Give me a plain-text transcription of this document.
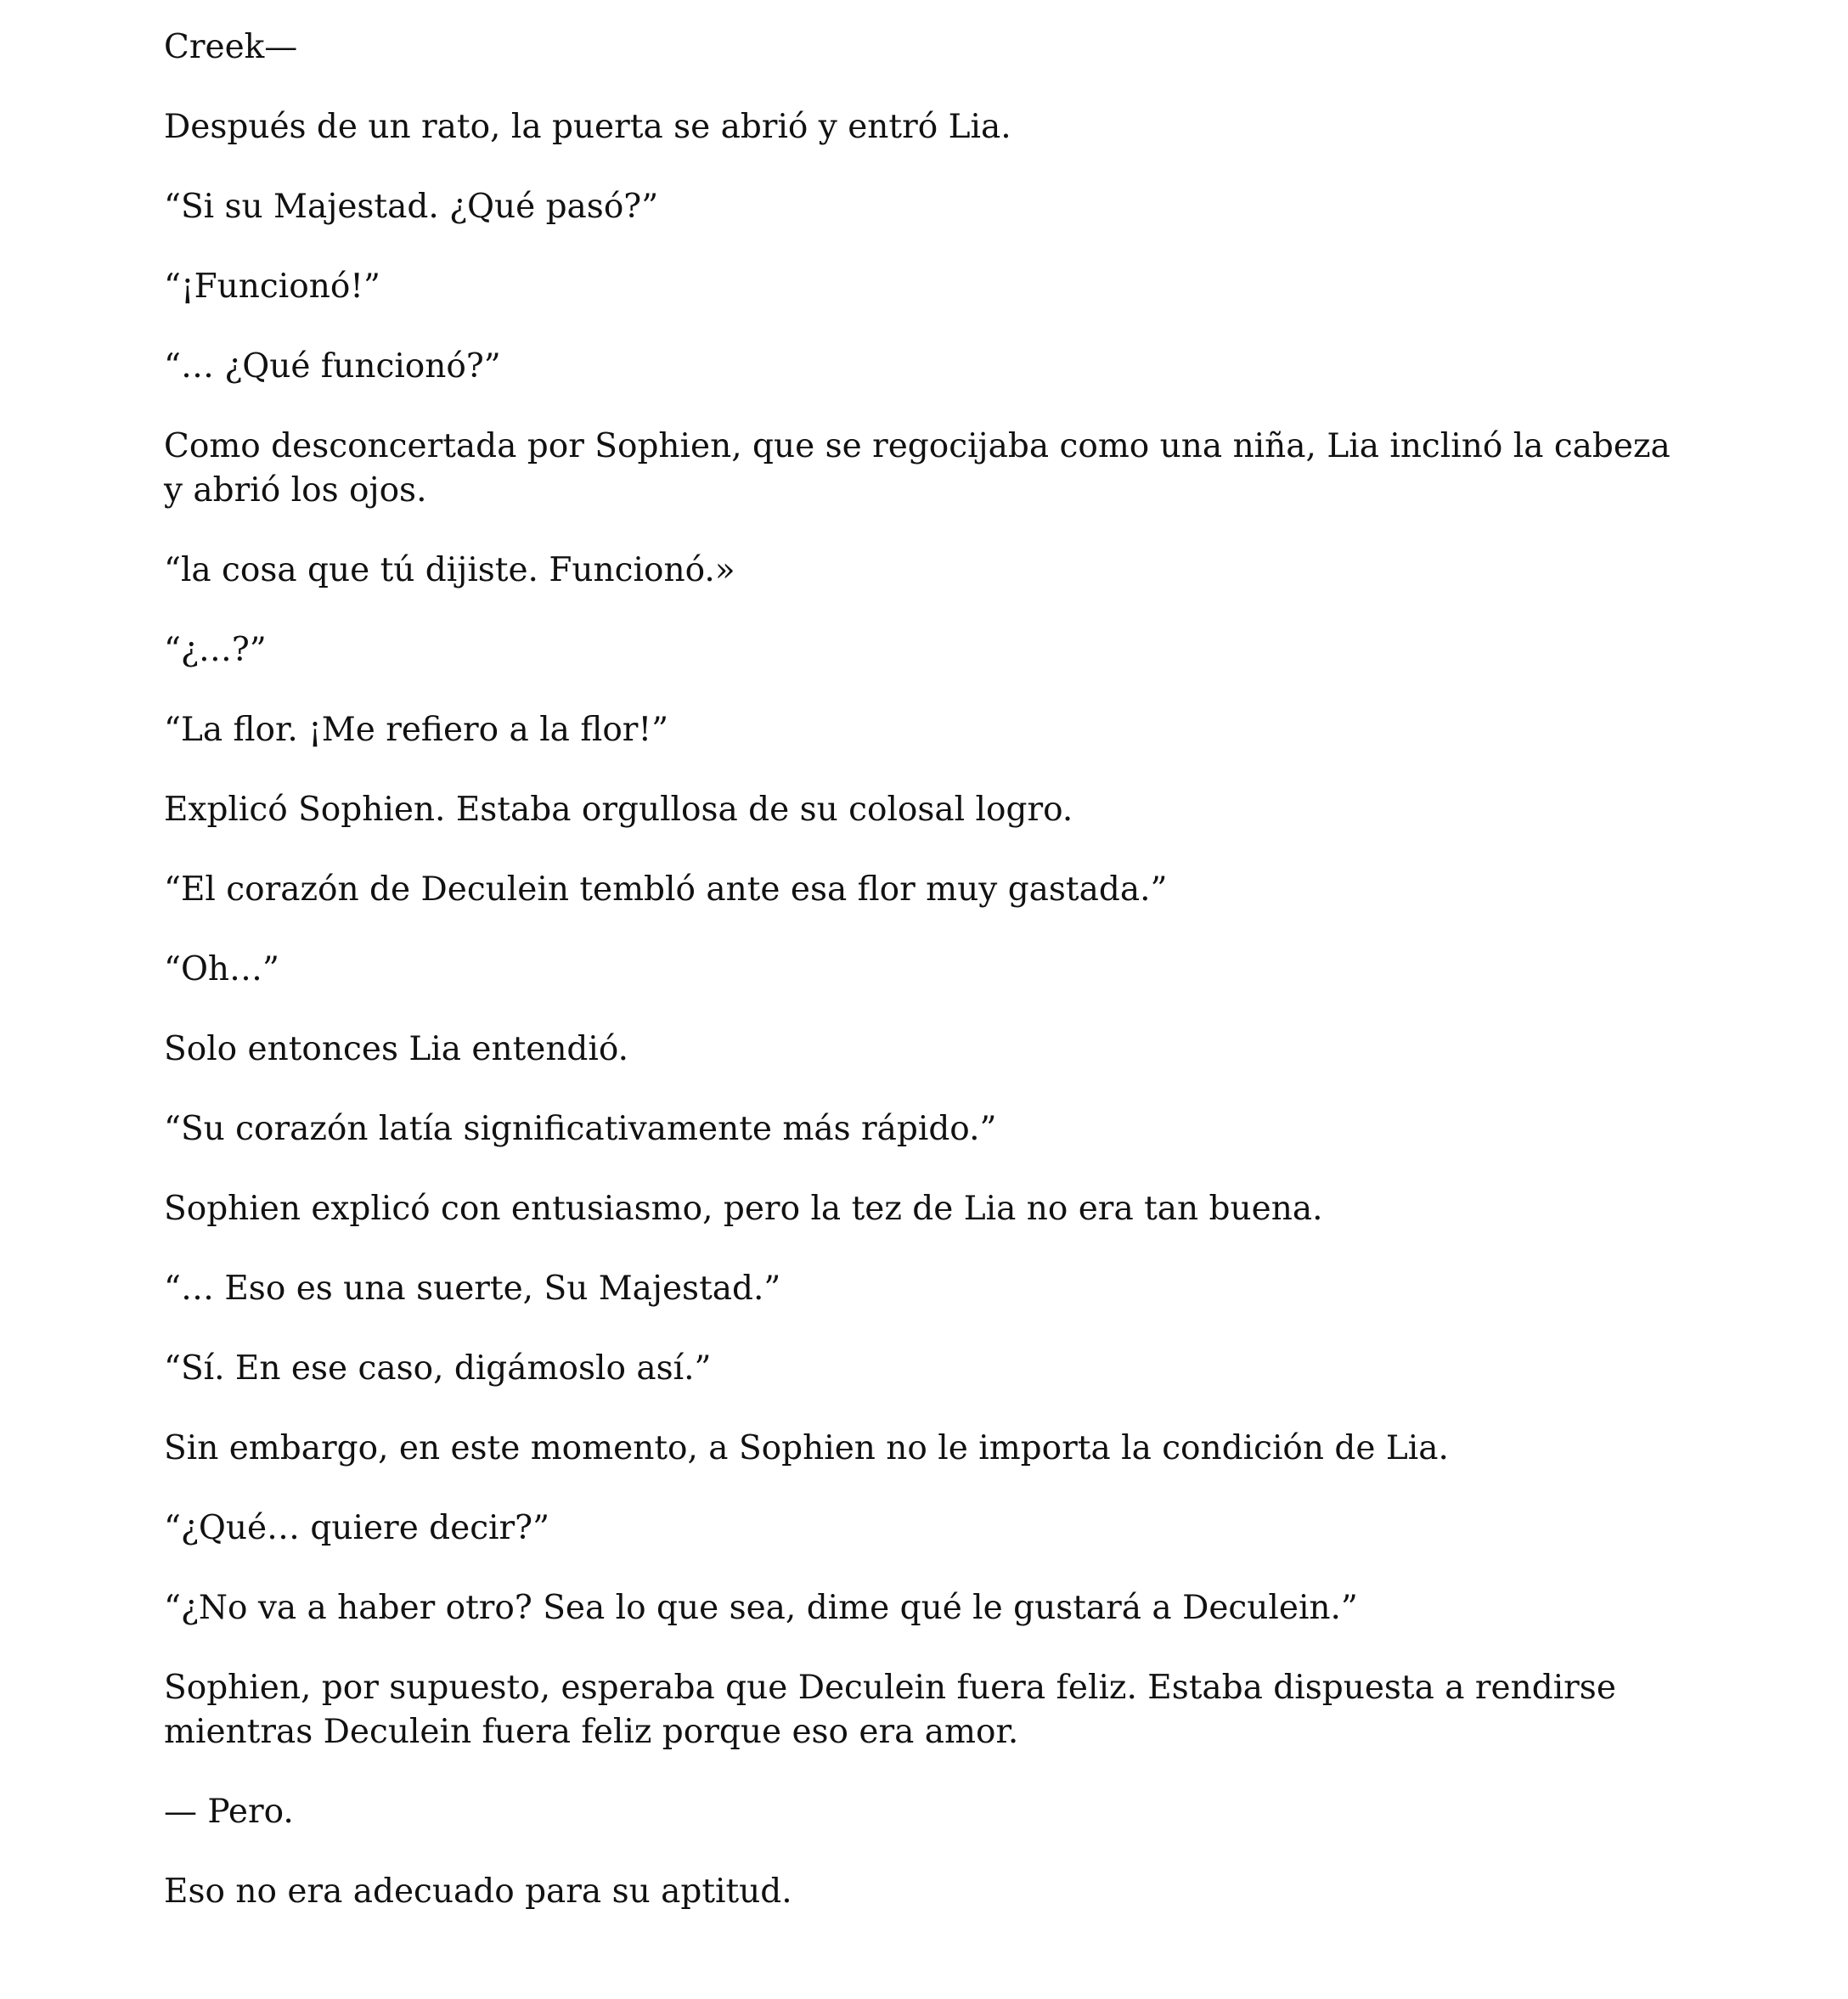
Creek—

Después de un rato, la puerta se abrió y entró Lia.

“Si su Majestad. ¿Qué pasó?”

“¡Funcionó!”

“… ¿Qué funcionó?”

Como desconcertada por Sophien, que se regocijaba como una niña, Lia inclinó la cabeza y abrió los ojos.

“la cosa que tú dijiste. Funcionó.»

“¿…?”

“La flor. ¡Me refiero a la flor!”

Explicó Sophien. Estaba orgullosa de su colosal logro.

“El corazón de Deculein tembló ante esa flor muy gastada.”

“Oh…”

Solo entonces Lia entendió.

“Su corazón latía significativamente más rápido.”

Sophien explicó con entusiasmo, pero la tez de Lia no era tan buena.

“… Eso es una suerte, Su Majestad.”

“Sí. En ese caso, digámoslo así.”

Sin embargo, en este momento, a Sophien no le importa la condición de Lia.

“¿Qué… quiere decir?”

“¿No va a haber otro? Sea lo que sea, dime qué le gustará a Deculein.”

Sophien, por supuesto, esperaba que Deculein fuera feliz. Estaba dispuesta a rendirse mientras Deculein fuera feliz porque eso era amor.

— Pero.

Eso no era adecuado para su aptitud.
